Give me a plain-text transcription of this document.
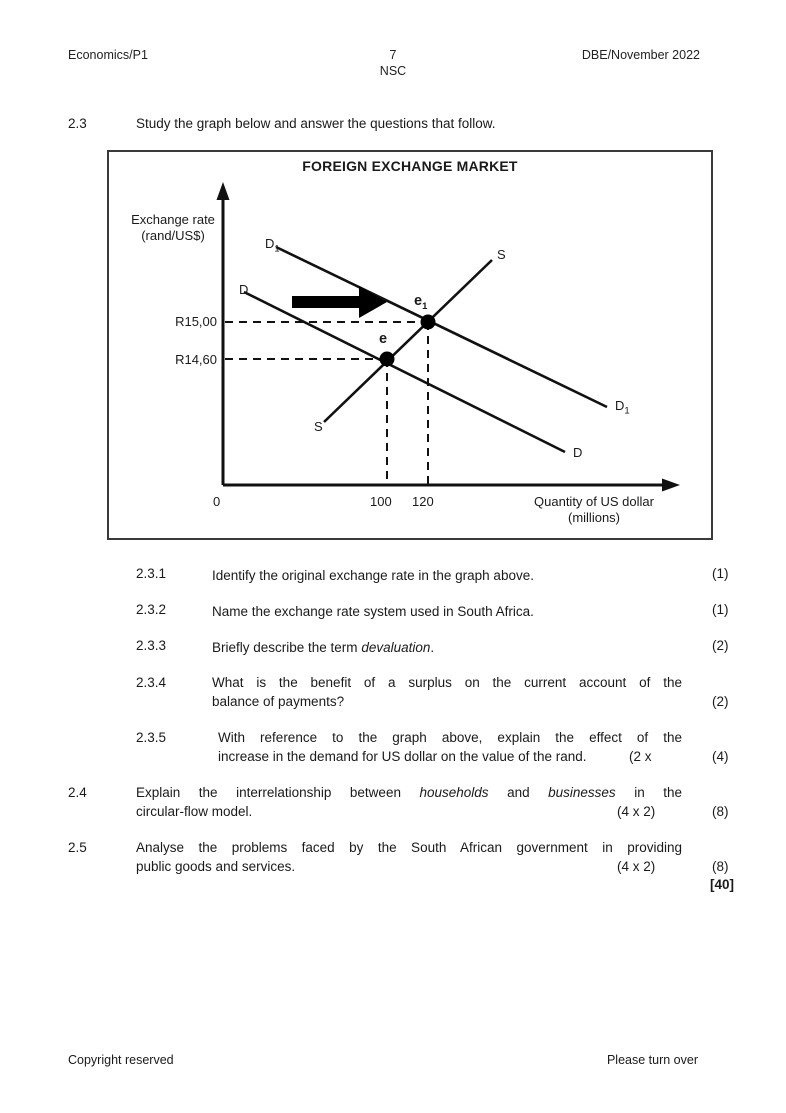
Economics/P1	7
NSC
DBE/November 2022
2.3	Study the graph below and answer the questions that follow.
FOREIGN EXCHANGE MARKET
Exchange rate
(rand/US$)
Quantity of US dollar
(millions)
$D_1$
D
$D_1$
D
S
S
$e_1$
e
R15,00
R14,60
0	100 120
2.3.1	Identify the original exchange rate in the graph above.	(1)
2.3.2	Name the exchange rate system used in South Africa.	(1)
2.3.3	Briefly describe the term devaluation.	(2)
2.3.4	What is the benefit of a surplus on the current account of the
balance of payments?	(2)
2.3.5	With reference to the graph above, explain the effect of the
increase in the demand for US dollar on the value of the rand.	(2 x	(4)
2.4	Explain the interrelationship between households and businesses in the
circular-flow model.	(4 x 2)	(8)
2.5	Analyse the problems faced by the South African government in providing
public goods and services.	(4 x 2)	(8)
[40]
Copyright reserved	Please turn over
